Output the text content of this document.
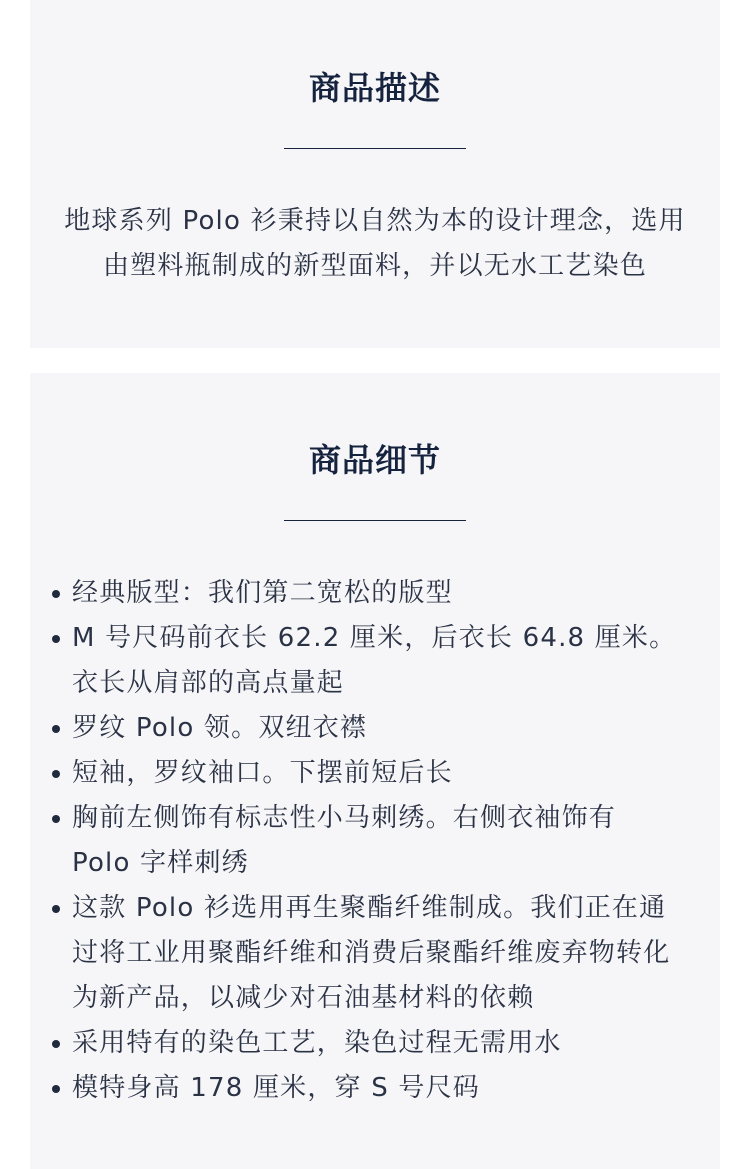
商品描述

地球系列 Polo 衫秉持以自然为本的设计理念，选用由塑料瓶制成的新型面料，并以无水工艺染色

商品细节
经典版型：我们第二宽松的版型
M 号尺码前衣长 62.2 厘米，后衣长 64.8 厘米。衣长从肩部的高点量起
罗纹 Polo 领。双纽衣襟
短袖，罗纹袖口。下摆前短后长
胸前左侧饰有标志性小马刺绣。右侧衣袖饰有 Polo 字样刺绣
这款 Polo 衫选用再生聚酯纤维制成。我们正在通过将工业用聚酯纤维和消费后聚酯纤维废弃物转化为新产品，以减少对石油基材料的依赖
采用特有的染色工艺，染色过程无需用水
模特身高 178 厘米，穿 S 号尺码
